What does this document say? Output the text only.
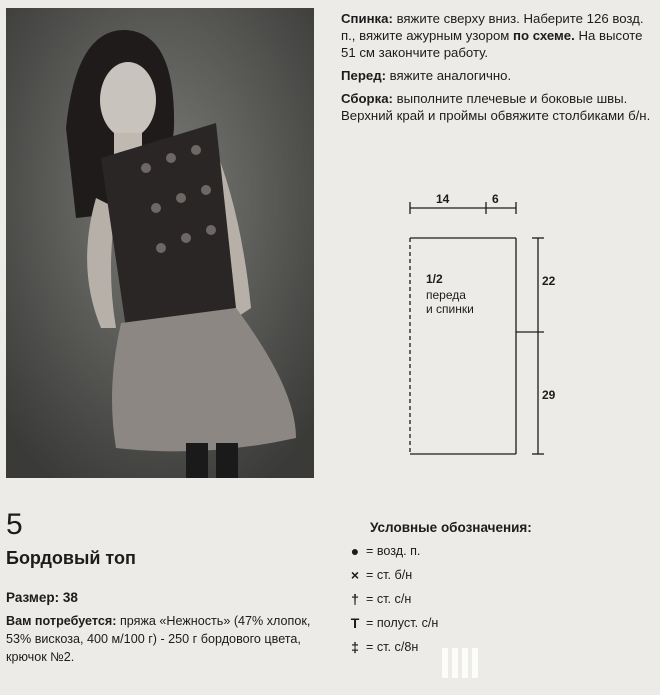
Спинка: вяжите сверху вниз. Наберите 126 возд. п., вяжите ажурным узором по схеме. На высоте 51 см закончите работу.

Перед: вяжите аналогично.

Сборка: выполните плечевые и боковые швы. Верхний край и проймы обвяжите столбиками б/н.

14	6
22
29
1/2
переда
и спинки
5
Бордовый топ
Размер: 38
Вам потребуется: пряжа «Нежность» (47% хлопок, 53% вискоза, 400 м/100 г) - 250 г бордового цвета, крючок №2.
Условные обозначения:
● = возд. п.
× = ст. б/н
† = ст. с/н
T = полуст. с/н
‡ = ст. с/8н
